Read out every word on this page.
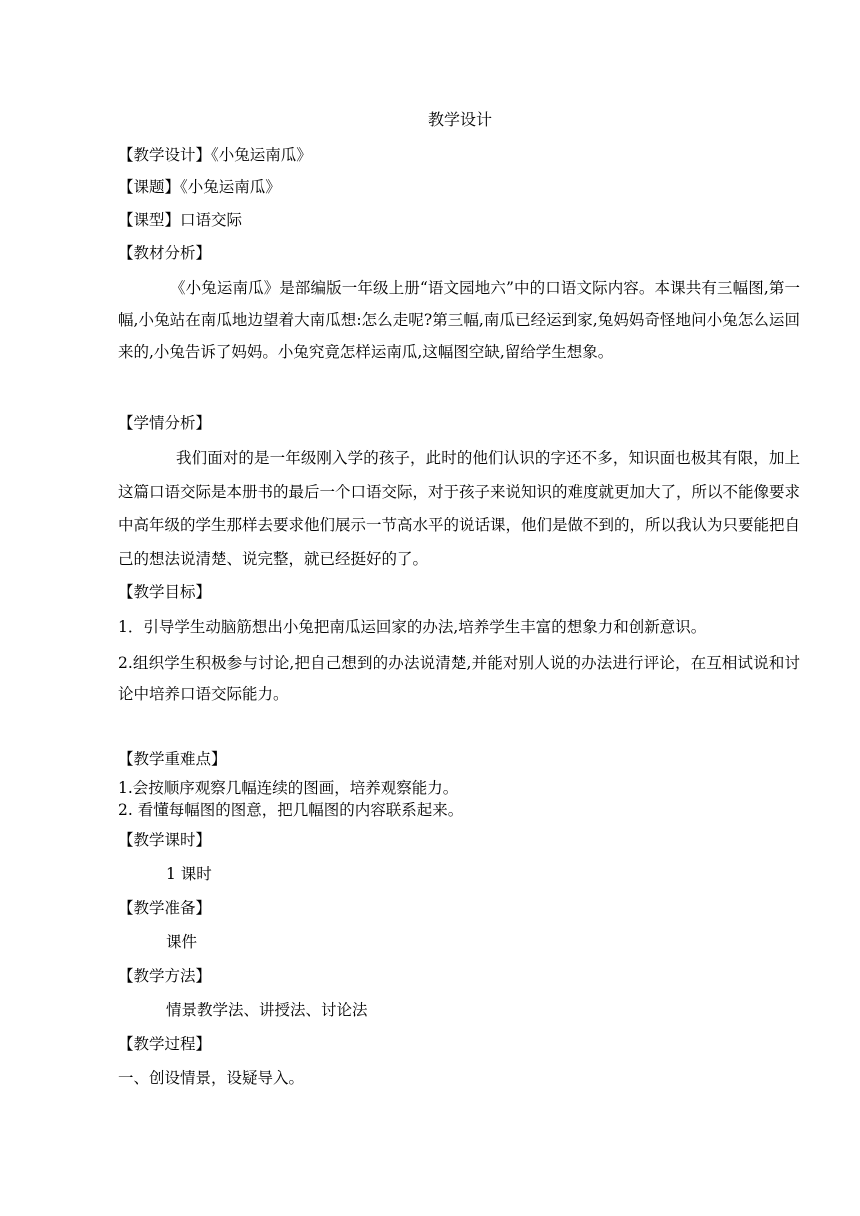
教学设计
【教学设计】《小兔运南瓜》
【课题】《小兔运南瓜》
【课型】口语交际
【教材分析】
《小兔运南瓜》是部编版一年级上册“语文园地六”中的口语文际内容。本课共有三幅图,第一幅,小兔站在南瓜地边望着大南瓜想:怎么走呢?第三幅,南瓜已经运到家,兔妈妈奇怪地问小兔怎么运回来的,小兔告诉了妈妈。小兔究竟怎样运南瓜,这幅图空缺,留给学生想象。
【学情分析】
我们面对的是一年级刚入学的孩子，此时的他们认识的字还不多，知识面也极其有限，加上这篇口语交际是本册书的最后一个口语交际，对于孩子来说知识的难度就更加大了，所以不能像要求中高年级的学生那样去要求他们展示一节高水平的说话课，他们是做不到的，所以我认为只要能把自己的想法说清楚、说完整，就已经挺好的了。
【教学目标】
1．引导学生动脑筋想出小兔把南瓜运回家的办法,培养学生丰富的想象力和创新意识。
2.组织学生积极参与讨论,把自己想到的办法说清楚,并能对别人说的办法进行评论，在互相试说和讨论中培养口语交际能力。
【教学重难点】
1.会按顺序观察几幅连续的图画，培养观察能力。
2. 看懂每幅图的图意，把几幅图的内容联系起来。
【教学课时】
1 课时
【教学准备】
课件
【教学方法】
情景教学法、讲授法、讨论法
【教学过程】
一、创设情景，设疑导入。
